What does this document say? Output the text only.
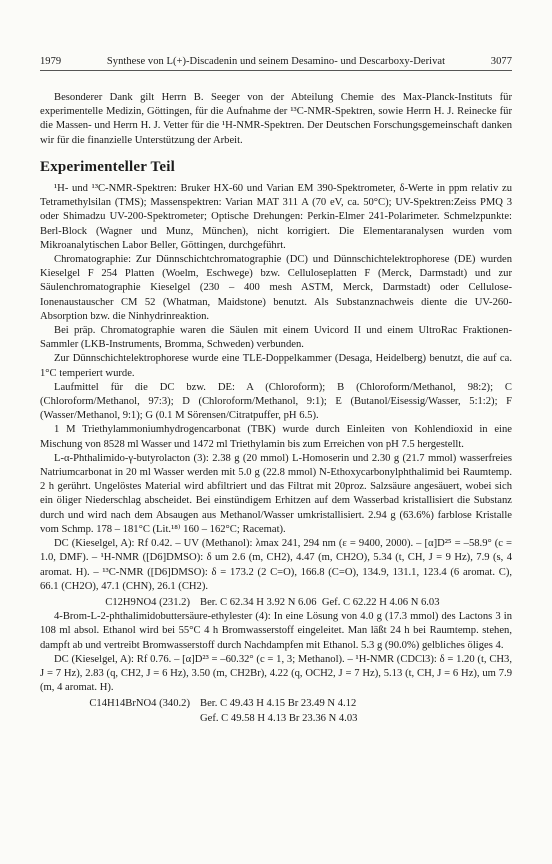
1979	Synthese von L(+)-Discadenin und seinem Desamino- und Descarboxy-Derivat	3077

Besonderer Dank gilt Herrn B. Seeger von der Abteilung Chemie des Max-Planck-Instituts für experimentelle Medizin, Göttingen, für die Aufnahme der ¹³C-NMR-Spektren, sowie Herrn H. J. Reinecke für die Massen- und Herrn H. J. Vetter für die ¹H-NMR-Spektren. Der Deutschen Forschungsgemeinschaft danken wir für die finanzielle Unterstützung der Arbeit.

Experimenteller Teil

¹H- und ¹³C-NMR-Spektren: Bruker HX-60 und Varian EM 390-Spektrometer, δ-Werte in ppm relativ zu Tetramethylsilan (TMS); Massenspektren: Varian MAT 311 A (70 eV, ca. 50°C); UV-Spektren:Zeiss PMQ 3 oder Shimadzu UV-200-Spektrometer; Optische Drehungen: Perkin-Elmer 241-Polarimeter. Schmelzpunkte: Berl-Block (Wagner und Munz, München), nicht korrigiert. Die Elementaranalysen wurden vom Mikroanalytischen Labor Beller, Göttingen, durchgeführt.

Chromatographie: Zur Dünnschichtchromatographie (DC) und Dünnschichtelektrophorese (DE) wurden Kieselgel F 254 Platten (Woelm, Eschwege) bzw. Celluloseplatten F (Merck, Darmstadt) und zur Säulenchromatographie Kieselgel (230 – 400 mesh ASTM, Merck, Darmstadt) oder Cellulose-Ionenaustauscher CM 52 (Whatman, Maidstone) benutzt. Als Substanznachweis diente die UV-260-Absorption bzw. die Ninhydrinreaktion.

Bei präp. Chromatographie waren die Säulen mit einem Uvicord II und einem UltroRac Fraktionen-Sammler (LKB-Instruments, Bromma, Schweden) verbunden.

Zur Dünnschichtelektrophorese wurde eine TLE-Doppelkammer (Desaga, Heidelberg) benutzt, die auf ca. 1°C temperiert wurde.

Laufmittel für die DC bzw. DE: A (Chloroform); B (Chloroform/Methanol, 98:2); C (Chloroform/Methanol, 97:3); D (Chloroform/Methanol, 9:1); E (Butanol/Eisessig/Wasser, 5:1:2); F (Wasser/Methanol, 9:1); G (0.1 M Sörensen/Citratpuffer, pH 6.5).

1 M Triethylammoniumhydrogencarbonat (TBK) wurde durch Einleiten von Kohlendioxid in eine Mischung von 8528 ml Wasser und 1472 ml Triethylamin bis zum Erreichen von pH 7.5 hergestellt.

L-α-Phthalimido-γ-butyrolacton (3): 2.38 g (20 mmol) L-Homoserin und 2.30 g (21.7 mmol) wasserfreies Natriumcarbonat in 20 ml Wasser werden mit 5.0 g (22.8 mmol) N-Ethoxycarbonylphthalimid bei Raumtemp. 2 h gerührt. Ungelöstes Material wird abfiltriert und das Filtrat mit 20proz. Salzsäure angesäuert, wobei sich ein öliger Niederschlag abscheidet. Bei einstündigem Erhitzen auf dem Wasserbad kristallisiert die Substanz durch und wird nach dem Absaugen aus Methanol/Wasser umkristallisiert. 2.94 g (63.6%) farblose Kristalle vom Schmp. 178 – 181°C (Lit.¹⁸⁾ 160 – 162°C; Racemat).

DC (Kieselgel, A): Rf 0.42. – UV (Methanol): λmax 241, 294 nm (ε = 9400, 2000). – [α]D²⁵ = –58.9° (c = 1.0, DMF). – ¹H-NMR ([D6]DMSO): δ um 2.6 (m, CH2), 4.47 (m, CH2O), 5.34 (t, CH, J = 9 Hz), 7.9 (s, 4 aromat. H). – ¹³C-NMR ([D6]DMSO): δ = 173.2 (2 C=O), 166.8 (C=O), 134.9, 131.1, 123.4 (6 aromat. C), 66.1 (CH2O), 47.1 (CHN), 26.1 (CH2).

C12H9NO4 (231.2) Ber. C 62.34 H 3.92 N 6.06 Gef. C 62.22 H 4.06 N 6.03

4-Brom-L-2-phthalimidobuttersäure-ethylester (4): In eine Lösung von 4.0 g (17.3 mmol) des Lactons 3 in 108 ml absol. Ethanol wird bei 55°C 4 h Bromwasserstoff eingeleitet. Man läßt 24 h bei Raumtemp. stehen, dampft ab und vertreibt Bromwasserstoff durch Nachdampfen mit Ethanol. 5.3 g (90.0%) gelbliches öliges 4.

DC (Kieselgel, A): Rf 0.76. – [α]D²³ = –60.32° (c = 1, 3; Methanol). – ¹H-NMR (CDCl3): δ = 1.20 (t, CH3, J = 7 Hz), 2.83 (q, CH2, J = 6 Hz), 3.50 (m, CH2Br), 4.22 (q, OCH2, J = 7 Hz), 5.13 (t, CH, J = 6 Hz), um 7.9 (m, 4 aromat. H).

C14H14BrNO4 (340.2) Ber. C 49.43 H 4.15 Br 23.49 N 4.12
Gef. C 49.58 H 4.13 Br 23.36 N 4.03
